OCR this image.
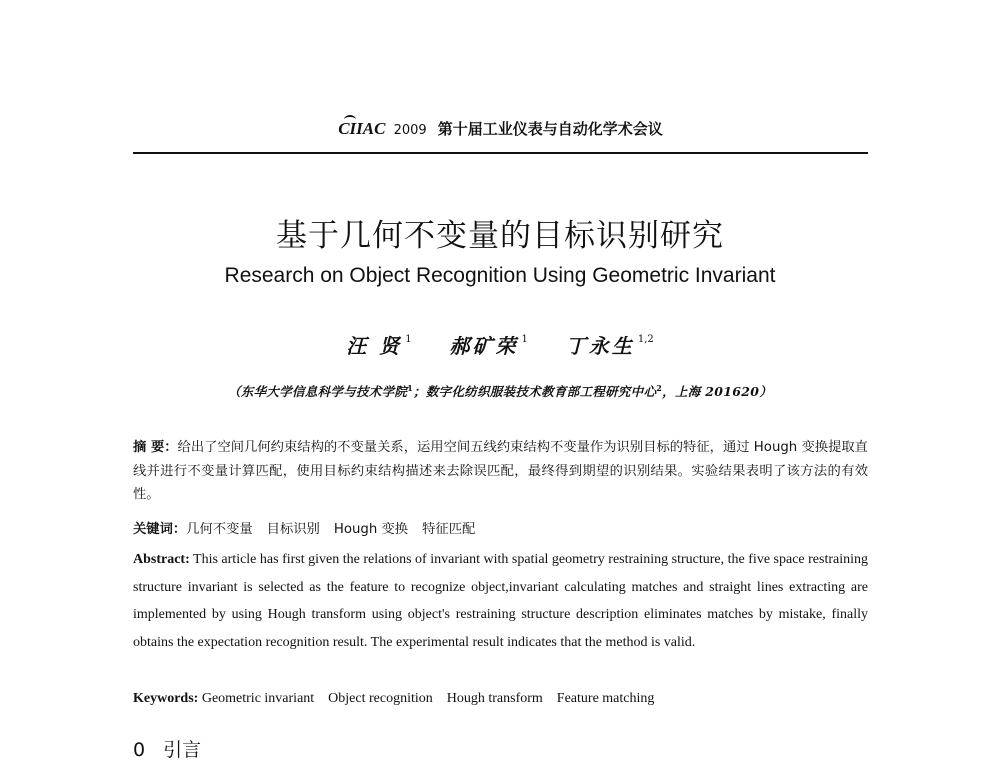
CIIAC 2009 第十届工业仪表与自动化学术会议
基于几何不变量的目标识别研究
Research on Object Recognition Using Geometric Invariant
汪 贤 $^1$ 郝矿荣 $^1$ 丁永生 $^{1,2}$
（东华大学信息科学与技术学院$^1$；数字化纺织服装技术教育部工程研究中心$^2$，上海 201620）
摘 要：给出了空间几何约束结构的不变量关系，运用空间五线约束结构不变量作为识别目标的特征，通过 Hough 变换提取直线并进行不变量计算匹配，使用目标约束结构描述来去除误匹配，最终得到期望的识别结果。实验结果表明了该方法的有效性。
关键词：几何不变量 目标识别 Hough 变换 特征匹配
Abstract: This article has first given the relations of invariant with spatial geometry restraining structure, the five space restraining structure invariant is selected as the feature to recognize object,invariant calculating matches and straight lines extracting are implemented by using Hough transform using object's restraining structure description eliminates matches by mistake, finally obtains the expectation recognition result. The experimental result indicates that the method is valid.
Keywords: Geometric invariant Object recognition Hough transform Feature matching
0 引言
